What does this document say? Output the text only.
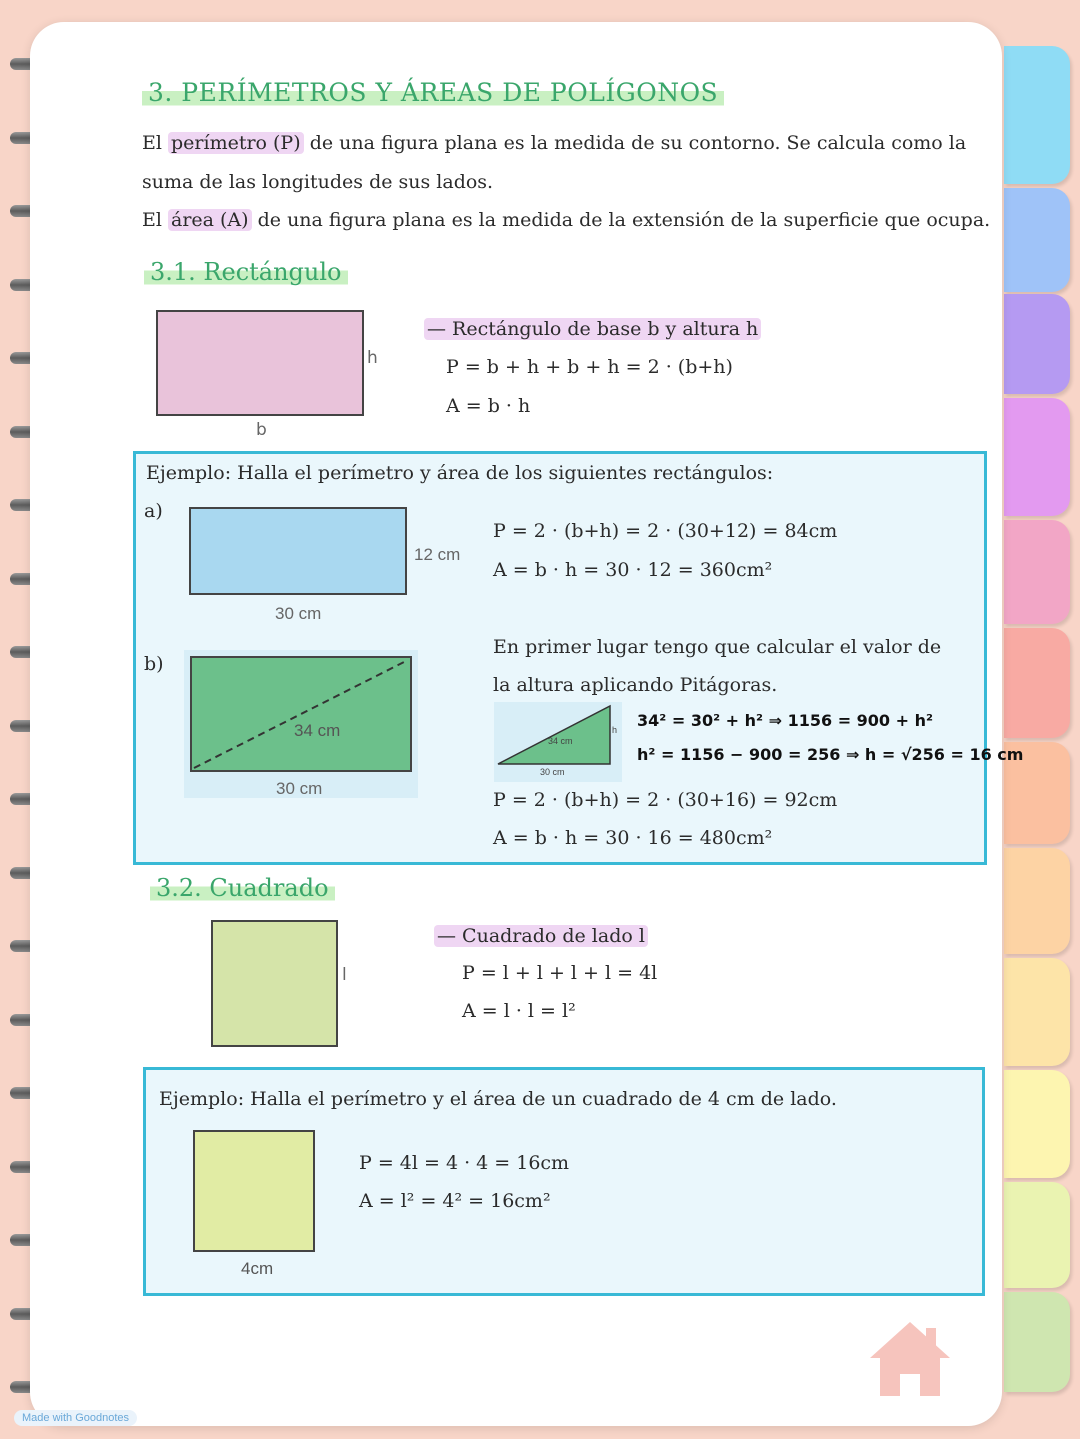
3. PERÍMETROS Y ÁREAS DE POLÍGONOS
El perímetro (P) de una figura plana es la medida de su contorno. Se calcula como la
suma de las longitudes de sus lados.
El área (A) de una figura plana es la medida de la extensión de la superficie que ocupa.
3.1. Rectángulo
h
b
— Rectángulo de base b y altura h
P = b + h + b + h = 2 · (b+h)
A = b · h
Ejemplo: Halla el perímetro y área de los siguientes rectángulos:
a)
12 cm
30 cm
P = 2 · (b+h) = 2 · (30+12) = 84cm
A = b · h = 30 · 12 = 360cm²
b)
34 cm
30 cm
En primer lugar tengo que calcular el valor de
la altura aplicando Pitágoras.
34 cm
30 cm
h 34² = 30² + h² ⇒ 1156 = 900 + h²
h² = 1156 − 900 = 256 ⇒ h = √256 = 16 cm
P = 2 · (b+h) = 2 · (30+16) = 92cm
A = b · h = 30 · 16 = 480cm²
3.2. Cuadrado
l
— Cuadrado de lado l
P = l + l + l + l = 4l
A = l · l = l²
Ejemplo: Halla el perímetro y el área de un cuadrado de 4 cm de lado.
4cm
P = 4l = 4 · 4 = 16cm
A = l² = 4² = 16cm²
Made with Goodnotes
